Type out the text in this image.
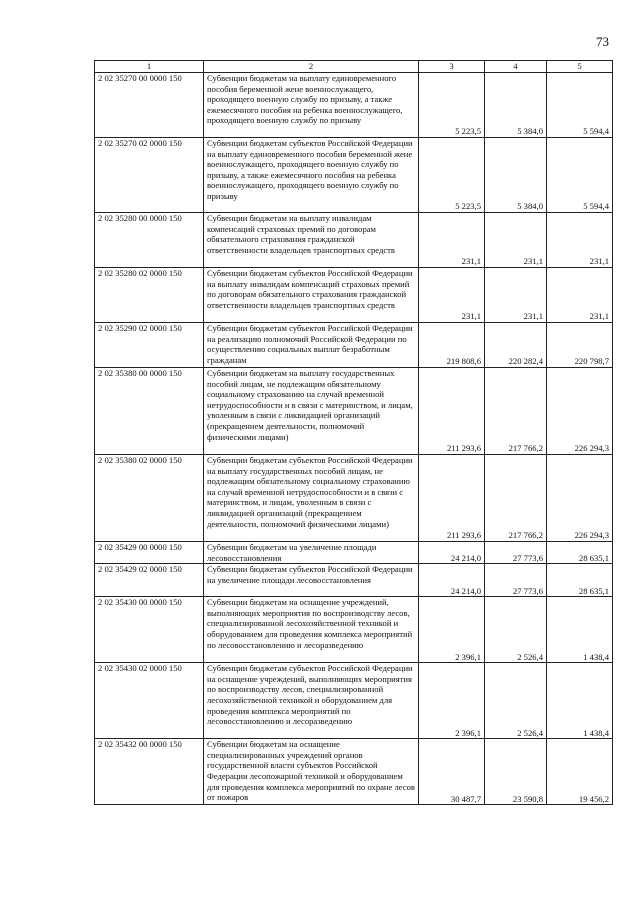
73
1	2	3	4	5
2 02 35270 00 0000 150	Субвенции бюджетам на выплату единовременного пособия беременной жене военнослужащего, проходящего военную службу по призыву, а также ежемесячного пособия на ребенка военнослужащего, проходящего военную службу по призыву	5 223,5	5 384,0	5 594,4
2 02 35270 02 0000 150	Субвенции бюджетам субъектов Российской Федерации на выплату единовременного пособия беременной жене военнослужащего, проходящего военную службу по призыву, а также ежемесячного пособия на ребенка военнослужащего, проходящего военную службу по призыву	5 223,5	5 384,0	5 594,4
2 02 35280 00 0000 150	Субвенции бюджетам на выплату инвалидам компенсаций страховых премий по договорам обязательного страхования гражданской ответственности владельцев транспортных средств	231,1	231,1	231,1
2 02 35280 02 0000 150	Субвенции бюджетам субъектов Российской Федерации на выплату инвалидам компенсаций страховых премий по договорам обязательного страхования гражданской ответственности владельцев транспортных средств	231,1	231,1	231,1
2 02 35290 02 0000 150	Субвенции бюджетам субъектов Российской Федерации на реализацию полномочий Российской Федерации по осуществлению социальных выплат безработным гражданам	219 808,6	220 282,4	220 798,7
2 02 35380 00 0000 150	Субвенции бюджетам на выплату государственных пособий лицам, не подлежащим обязательному социальному страхованию на случай временной нетрудоспособности и в связи с материнством, и лицам, уволенным в связи с ликвидацией организаций (прекращением деятельности, полномочий физическими лицами)	211 293,6	217 766,2	226 294,3
2 02 35380 02 0000 150	Субвенции бюджетам субъектов Российской Федерации на выплату государственных пособий лицам, не подлежащим обязательному социальному страхованию на случай временной нетрудоспособности и в связи с материнством, и лицам, уволенным в связи с ликвидацией организаций (прекращением деятельности, полномочий физическими лицами)	211 293,6	217 766,2	226 294,3
2 02 35429 00 0000 150	Субвенции бюджетам на увеличение площади лесовосстановления	24 214,0	27 773,6	28 635,1
2 02 35429 02 0000 150	Субвенции бюджетам субъектов Российской Федерации на увеличение площади лесовосстановления	24 214,0	27 773,6	28 635,1
2 02 35430 00 0000 150	Субвенции бюджетам на оснащение учреждений, выполняющих мероприятия по воспроизводству лесов, специализированной лесохозяйственной техникой и оборудованием для проведения комплекса мероприятий по лесовосстановлению и лесоразведению	2 396,1	2 526,4	1 438,4
2 02 35430 02 0000 150	Субвенции бюджетам субъектов Российской Федерации на оснащение учреждений, выполняющих мероприятия по воспроизводству лесов, специализированной лесохозяйственной техникой и оборудованием для проведения комплекса мероприятий по лесовосстановлению и лесоразведению	2 396,1	2 526,4	1 438,4
2 02 35432 00 0000 150	Субвенции бюджетам на оснащение специализированных учреждений органов государственной власти субъектов Российской Федерации лесопожарной техникой и оборудованием для проведения комплекса мероприятий по охране лесов от пожаров	30 487,7	23 590,8	19 456,2
